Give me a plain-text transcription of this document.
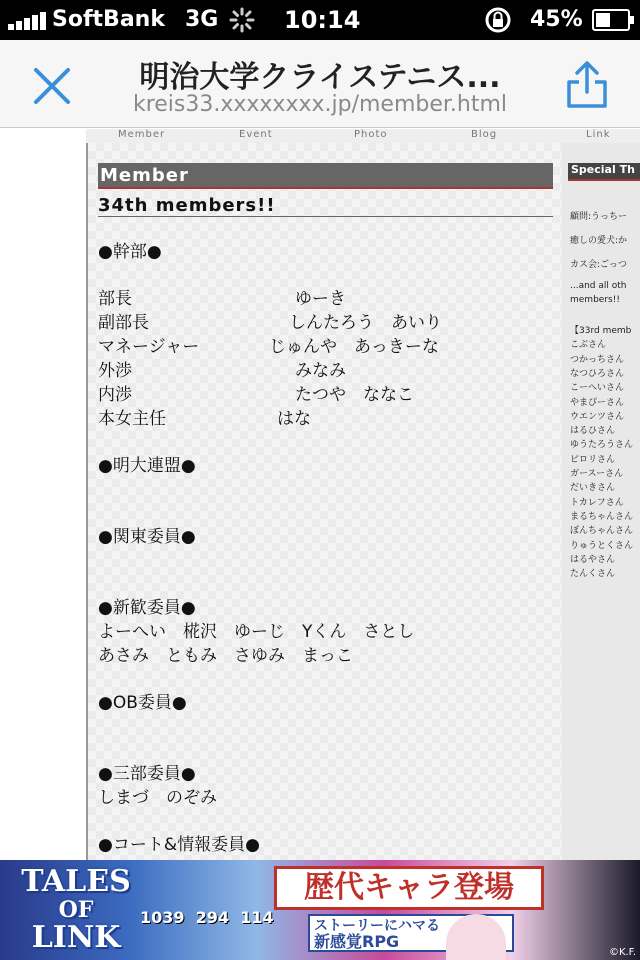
SoftBank 3G	10:14	45%
明治大学クライステニス...
kreis33.xxxxxxxx.jp/member.html
Member	Event	Photo	Blog	Link
Member
34th members!!
●幹部●
部長	ゆーき
副部長	しんたろう　あいり
マネージャー	じゅんや　あっきーな
外渉	みなみ
内渉	たつや　ななこ
本女主任	はな
●明大連盟●
●関東委員●
●新歓委員●
よーへい　椛沢　ゆーじ　Yくん　さとし
あさみ　ともみ　さゆみ　まっこ
●OB委員●
●三部委員●
しまづ　のぞみ
●コート&情報委員●
Special Th
顧問:うっちー
癒しの愛犬:か
カス会:ごっつ
...and all oth
members!!
【33rd memb
こぶさん
つかっちさん
なつひろさん
こーへいさん
やまぴーさん
ウエンツさん
はるひさん
ゆうたろうさん
ピロリさん
ガースーさん
だいきさん
トカレフさん
まるちゃんさん
ぽんちゃんさん
りゅうとくさん
はるやさん
たんくさん
TALES
OF
LINK
1039 294 114
歴代キャラ登場
ストーリーにハマる
新感覚RPG
©K.F.
